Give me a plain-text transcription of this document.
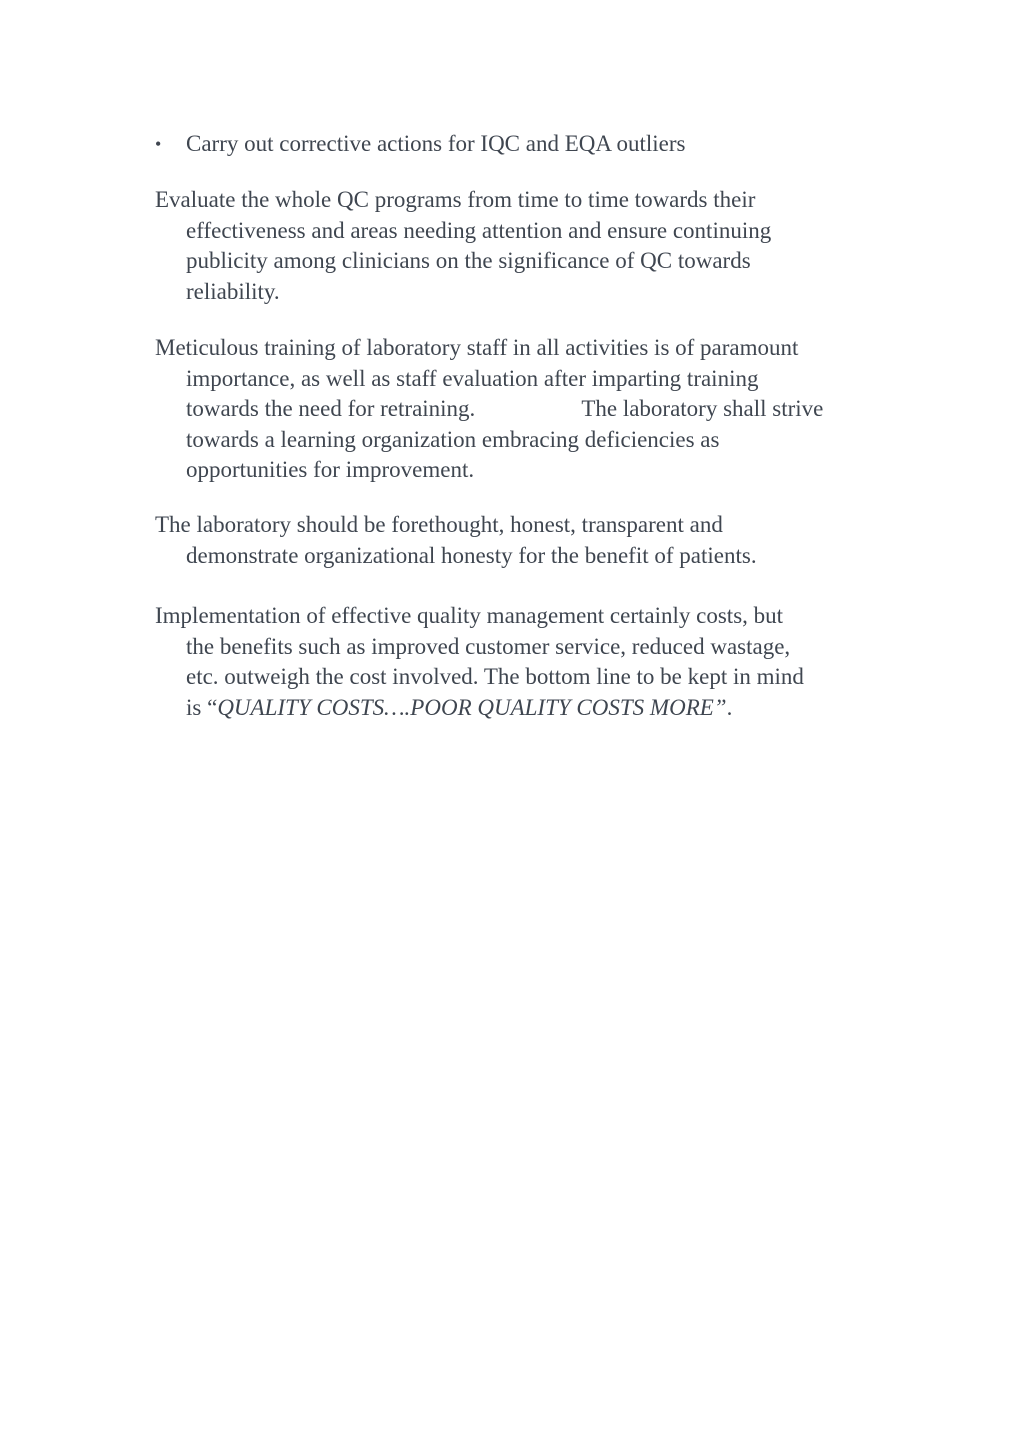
• Carry out corrective actions for IQC and EQA outliers
Evaluate the whole QC programs from time to time towards their
effectiveness and areas needing attention and ensure continuing
publicity among clinicians on the significance of QC towards
reliability.
Meticulous training of laboratory staff in all activities is of paramount
importance, as well as staff evaluation after imparting training
towards the need for retraining.	The laboratory shall strive
towards a learning organization embracing deficiencies as
opportunities for improvement.
The laboratory should be forethought, honest, transparent and
demonstrate organizational honesty for the benefit of patients.
Implementation of effective quality management certainly costs, but
the benefits such as improved customer service, reduced wastage,
etc. outweigh the cost involved. The bottom line to be kept in mind
is “QUALITY COSTS….POOR QUALITY COSTS MORE”.
